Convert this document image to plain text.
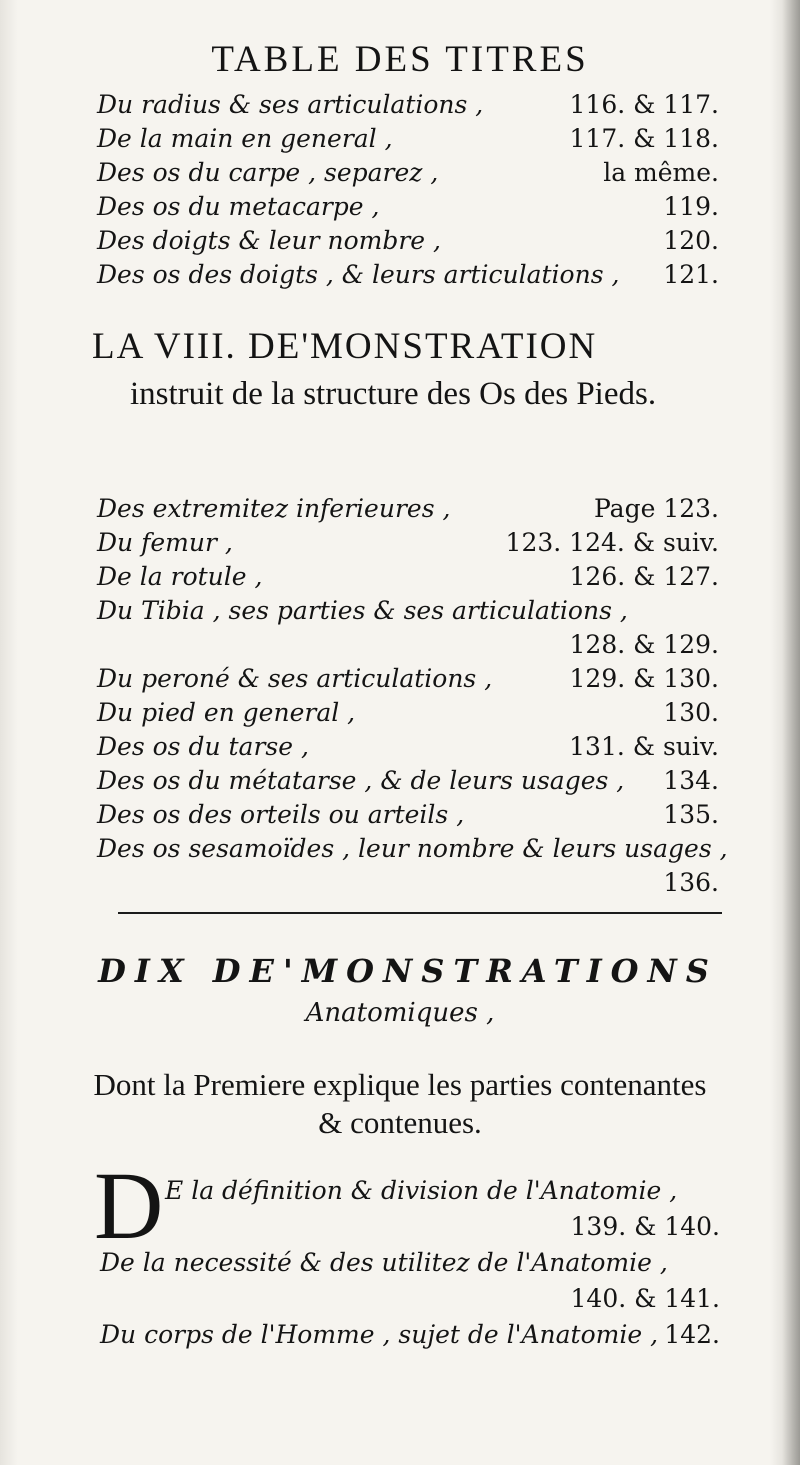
TABLE DES TITRES
Du radius & ses articulations ,	116. & 117.
De la main en general ,	117. & 118.
Des os du carpe , separez ,	la même.
Des os du metacarpe ,	119.
Des doigts & leur nombre ,	120.
Des os des doigts , & leurs articulations , 121.
LA VIII. DE'MONSTRATION
instruit de la structure des Os des Pieds.
Des extremitez inferieures ,	Page 123.
Du femur ,	123. 124. & suiv.
De la rotule ,	126. & 127.
Du Tibia , ses parties & ses articulations ,
128. & 129.
Du peroné & ses articulations ,	129. & 130.
Du pied en general ,	130.
Des os du tarse ,	131. & suiv.
Des os du métatarse , & de leurs usages , 134.
Des os des orteils ou arteils ,	135.
Des os sesamoïdes , leur nombre & leurs usages ,
136.
DIX DE'MONSTRATIONS
Anatomiques ,
Dont la Premiere explique les parties contenantes & contenues.
D E la définition & division de l'Anatomie ,
139. & 140.
De la necessité & des utilitez de l'Anatomie ,
140. & 141.
Du corps de l'Homme , sujet de l'Anatomie , 142.
